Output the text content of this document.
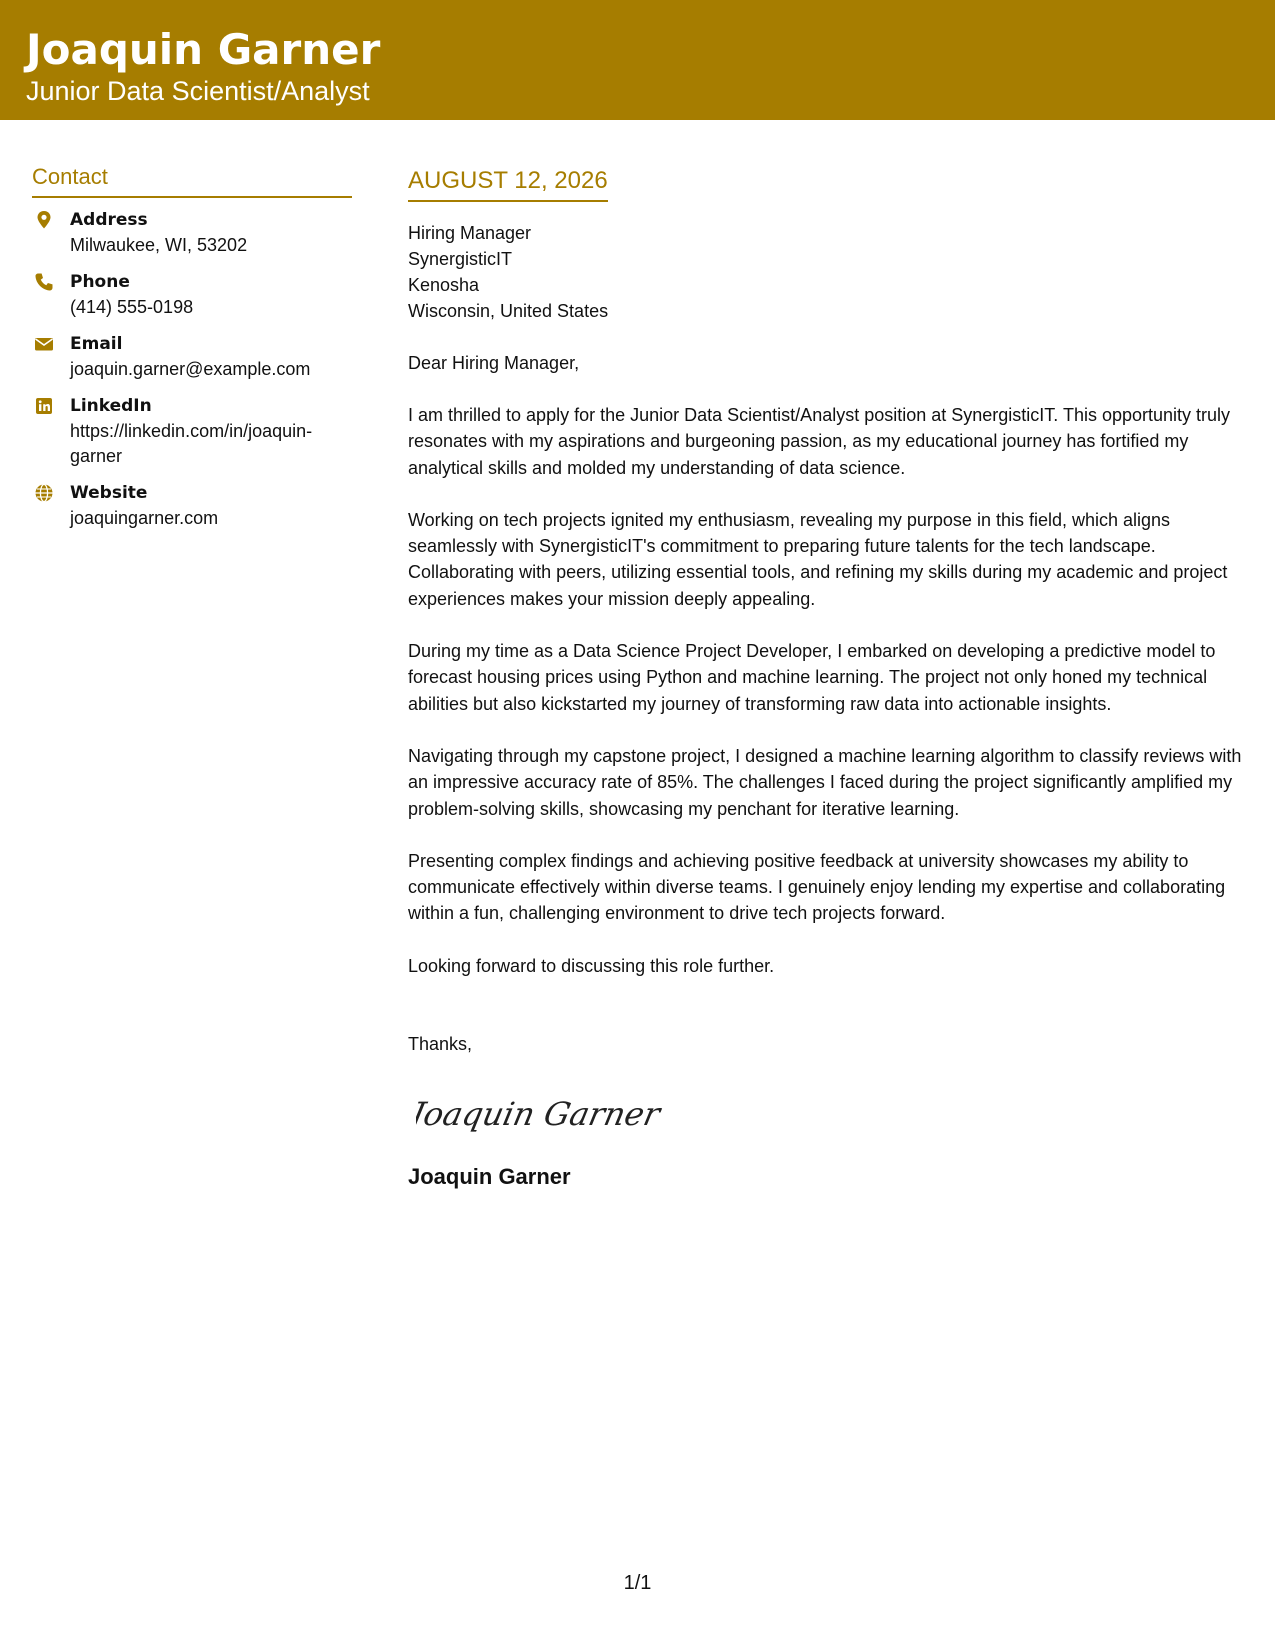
Joaquin Garner
Junior Data Scientist/Analyst
Contact
Address
Milwaukee, WI, 53202
Phone
(414) 555-0198
Email
joaquin.garner@example.com
LinkedIn
https://linkedin.com/in/joaquin-garner
Website
joaquingarner.com
AUGUST 12, 2026
Hiring Manager
SynergisticIT
Kenosha
Wisconsin, United States
Dear Hiring Manager,
I am thrilled to apply for the Junior Data Scientist/Analyst position at SynergisticIT. This opportunity truly resonates with my aspirations and burgeoning passion, as my educational journey has fortified my analytical skills and molded my understanding of data science.
Working on tech projects ignited my enthusiasm, revealing my purpose in this field, which aligns seamlessly with SynergisticIT's commitment to preparing future talents for the tech landscape. Collaborating with peers, utilizing essential tools, and refining my skills during my academic and project experiences makes your mission deeply appealing.
During my time as a Data Science Project Developer, I embarked on developing a predictive model to forecast housing prices using Python and machine learning. The project not only honed my technical abilities but also kickstarted my journey of transforming raw data into actionable insights.
Navigating through my capstone project, I designed a machine learning algorithm to classify reviews with an impressive accuracy rate of 85%. The challenges I faced during the project significantly amplified my problem-solving skills, showcasing my penchant for iterative learning.
Presenting complex findings and achieving positive feedback at university showcases my ability to communicate effectively within diverse teams. I genuinely enjoy lending my expertise and collaborating within a fun, challenging environment to drive tech projects forward.
Looking forward to discussing this role further.
Thanks,
Joaquin Garner
Joaquin Garner
1/1
